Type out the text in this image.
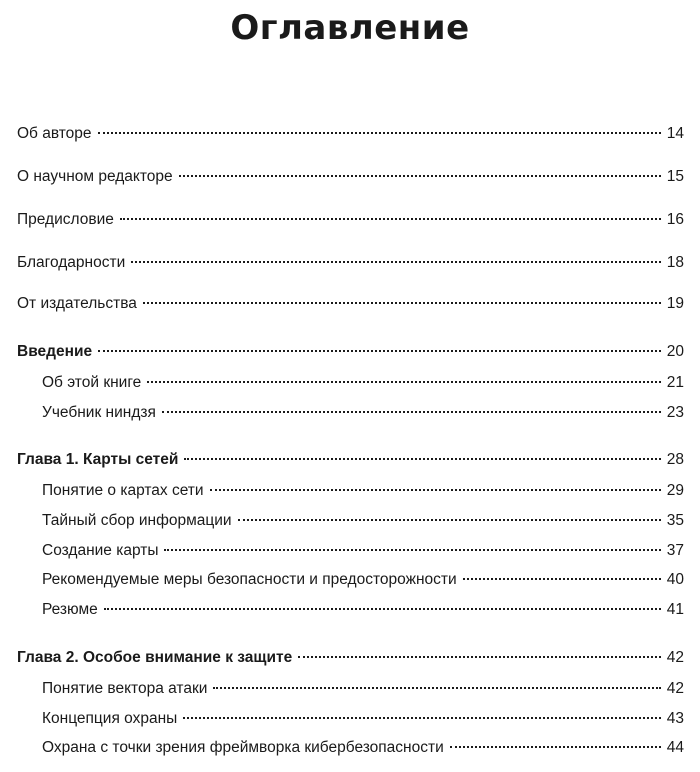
Оглавление
Об авторе	14
О научном редакторе	15
Предисловие	16
Благодарности	18
От издательства	19
Введение	20
Об этой книге	21
Учебник ниндзя	23
Глава 1. Карты сетей	28
Понятие о картах сети	29
Тайный сбор информации	35
Создание карты	37
Рекомендуемые меры безопасности и предосторожности	40
Резюме	41
Глава 2. Особое внимание к защите	42
Понятие вектора атаки	42
Концепция охраны	43
Охрана с точки зрения фреймворка кибербезопасности	44
